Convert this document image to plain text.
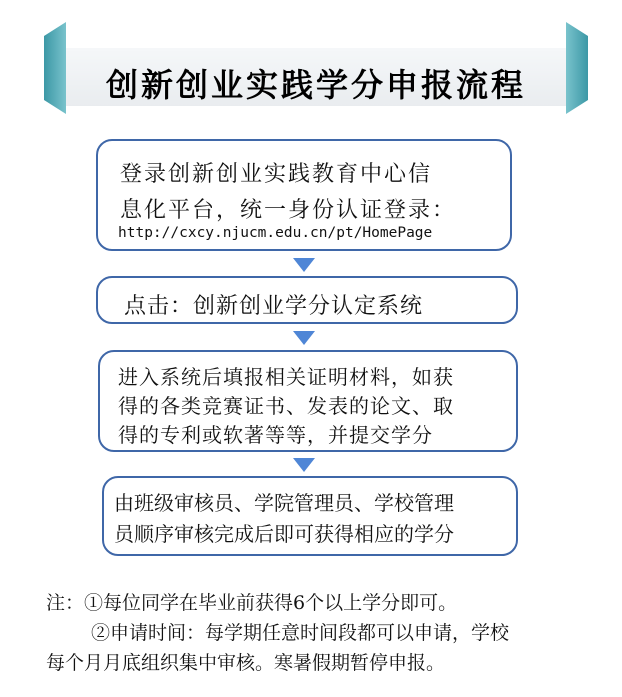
创新创业实践学分申报流程
登录创新创业实践教育中心信
息化平台，统一身份认证登录：
http://cxcy.njucm.edu.cn/pt/HomePage
点击：创新创业学分认定系统
进入系统后填报相关证明材料，如获
得的各类竞赛证书、发表的论文、取
得的专利或软著等等，并提交学分
由班级审核员、学院管理员、学校管理
员顺序审核完成后即可获得相应的学分
注：①每位同学在毕业前获得6个以上学分即可。
②申请时间：每学期任意时间段都可以申请，学校
每个月月底组织集中审核。寒暑假期暂停申报。
